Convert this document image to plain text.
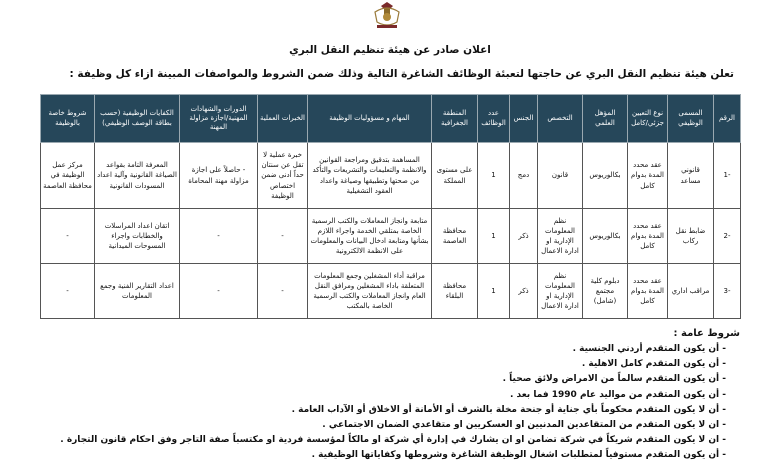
اعلان صادر عن هيئة تنظيم النقل البري
تعلن هيئة تنظيم النقل البري عن حاجتها لتعبئة الوظائف الشاغرة التالية وذلك ضمن الشروط والمواصفات المبينة ازاء كل وظيفة :
الرقم	المسمى الوظيفي	نوع التعيين جزئي/كامل	المؤهل العلمي	التخصص	الجنس	عدد الوظائف	المنطقة الجغرافية	المهام و مسؤوليات الوظيفة	الخبرات العملية	الدورات والشهادات المهنية/اجازة مزاولة المهنة	الكفايات الوظيفية (حسب بطاقة الوصف الوظيفي)	شروط خاصة بالوظيفة
-1	قانوني مساعد	عقد محدد المدة بدوام كامل	بكالوريوس	قانون	دمج	1	على مستوى المملكة	المساهمة بتدقيق ومراجعة القوانين والانظمة والتعليمات والتشريعات والتأكد من صحتها وتطبيقها وصياغة واعداد العقود التشغيلية	خبرة عملية لا تقل عن سنتان حداً أدنى ضمن اختصاص الوظيفة	- حاصلاً على اجازة مزاولة مهنة المحاماة	المعرفة التامة بقواعد الصياغة القانونية وآلية اعداد المسودات القانونية	مركز عمل الوظيفة في محافظة العاصمة
-2	ضابط نقل ركاب	عقد محدد المدة بدوام كامل	بكالوريوس	نظم المعلومات الإدارية او ادارة الاعمال	ذكر	1	محافظة العاصمة	متابعة وانجاز المعاملات والكتب الرسمية الخاصة بمتلقي الخدمة واجراء اللازم بشأنها ومتابعة ادخال البيانات والمعلومات على الانظمة الالكترونية	-	-	اتقان اعداد المراسلات والخطابات واجراء المسوحات الميدانية	-
-3	مراقب اداري	عقد محدد المدة بدوام كامل	دبلوم كلية مجتمع (شامل)	نظم المعلومات الإدارية او ادارة الاعمال	ذكر	1	محافظة البلقاء	مراقبة أداء المشغلين وجمع المعلومات المتعلقة باداء المشغلين ومرافق النقل العام وانجاز المعاملات والكتب الرسمية الخاصة بالمكتب	-	-	اعداد التقارير الفنية وجمع المعلومات	-
شروط عامة :
- أن يكون المتقدم أردني الجنسية .
- أن يكون المتقدم كامل الاهلية .
- أن يكون المتقدم سالماً من الامراض ولائق صحياً .
- أن يكون المتقدم من مواليد عام 1990 فما بعد .
- أن لا يكون المتقدم محكوماً بأي جناية أو جنحة مخلة بالشرف أو الأمانة أو الاخلاق أو الآداب العامة .
- ان لا يكون المتقدم من المتقاعدين المدنيين او العسكريين او متقاعدي الضمان الاجتماعي .
- ان لا يكون المتقدم شريكاً في شركة تضامن او ان يشارك في إدارة أي شركة او مالكاً لمؤسسة فردية او مكتسباً صفة التاجر وفق احكام قانون التجارة .
- أن يكون المتقدم مستوفياً لمتطلبات اشغال الوظيفة الشاغرة وشروطها وكفاياتها الوظيفية .
